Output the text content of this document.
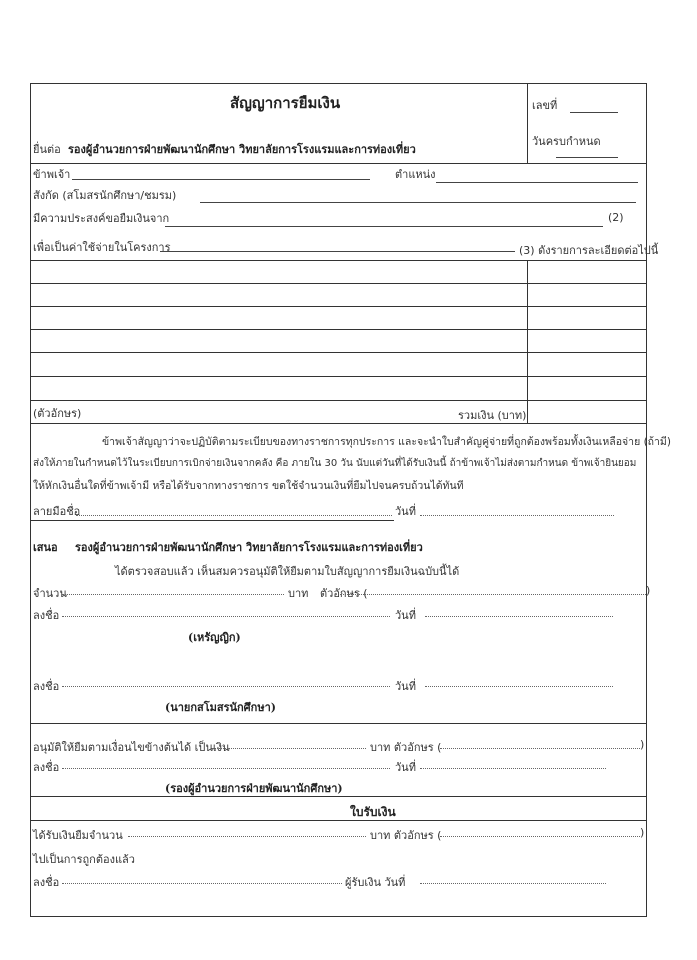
สัญญาการยืมเงิน	เลขที่
วันครบกำหนด
ยื่นต่อ รองผู้อำนวยการฝ่ายพัฒนานักศึกษา วิทยาลัยการโรงแรมและการท่องเที่ยว
ข้าพเจ้า	ตำแหน่ง
สังกัด (สโมสรนักศึกษา/ชมรม)
มีความประสงค์ขอยืมเงินจาก	(2)
เพื่อเป็นค่าใช้จ่ายในโครงการ	(3) ดังรายการละเอียดต่อไปนี้
(ตัวอักษร)	รวมเงิน (บาท)
ข้าพเจ้าสัญญาว่าจะปฏิบัติตามระเบียบของทางราชการทุกประการ และจะนำใบสำคัญคู่จ่ายที่ถูกต้องพร้อมทั้งเงินเหลือจ่าย (ถ้ามี)
ส่งให้ภายในกำหนดไว้ในระเบียบการเบิกจ่ายเงินจากคลัง คือ ภายใน 30 วัน นับแต่วันที่ได้รับเงินนี้ ถ้าข้าพเจ้าไม่ส่งตามกำหนด ข้าพเจ้ายินยอม
ให้หักเงินอื่นใดที่ข้าพเจ้ามี หรือได้รับจากทางราชการ ขดใช้จำนวนเงินที่ยืมไปจนครบถ้วนได้ทันที
ลายมือชื่อ	วันที่
เสนอ รองผู้อำนวยการฝ่ายพัฒนานักศึกษา วิทยาลัยการโรงแรมและการท่องเที่ยว
ได้ตรวจสอบแล้ว เห็นสมควรอนุมัติให้ยืมตามใบสัญญาการยืมเงินฉบับนี้ได้
จำนวน	บาท ตัวอักษร (	)
ลงชื่อ	วันที่
(เหรัญญิก)
ลงชื่อ	วันที่
(นายกสโมสรนักศึกษา)
อนุมัติให้ยืมตามเงื่อนไขข้างต้นได้ เป็นเงิน	บาท ตัวอักษร (	)
ลงชื่อ	วันที่
(รองผู้อำนวยการฝ่ายพัฒนานักศึกษา)
ใบรับเงิน
ได้รับเงินยืมจำนวน	บาท ตัวอักษร (	)
ไปเป็นการถูกต้องแล้ว
ลงชื่อ	ผู้รับเงิน วันที่
